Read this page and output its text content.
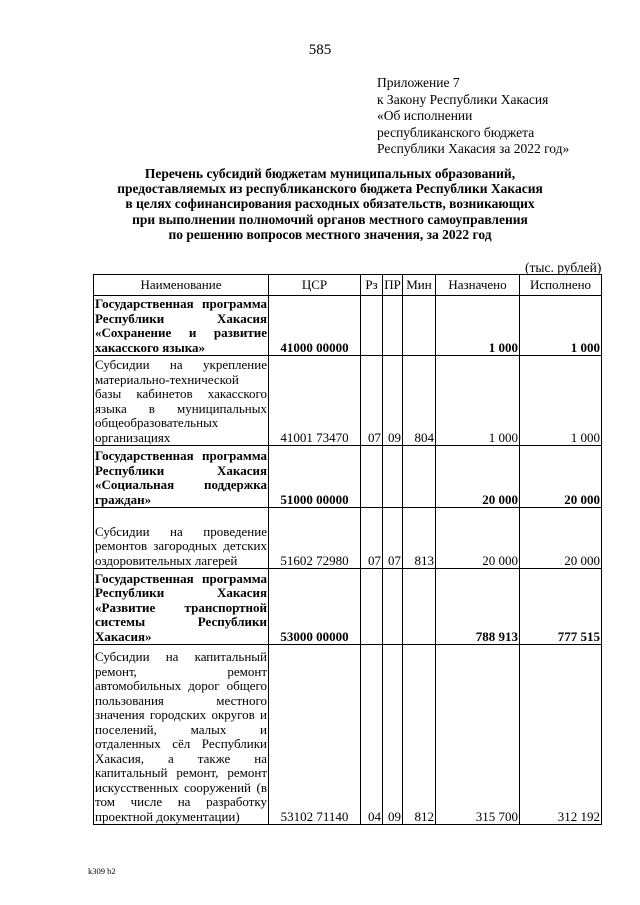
585
Приложение 7
к Закону Республики Хакасия
«Об исполнении
республиканского бюджета
Республики Хакасия за 2022 год»
Перечень субсидий бюджетам муниципальных образований,
предоставляемых из республиканского бюджета Республики Хакасия
в целях софинансирования расходных обязательств, возникающих
при выполнении полномочий органов местного самоуправления
по решению вопросов местного значения, за 2022 год
(тыс. рублей)
Наименование	ЦСР	Рз	ПР	Мин	Назначено	Исполнено
Государственная программа Республики Хакасия «Сохранение и развитие хакасского языка»	41000 00000				1 000	1 000
Субсидии на укрепление материально-технической базы кабинетов хакасского языка в муниципальных общеобразовательных организациях	41001 73470	07	09	804	1 000	1 000
Государственная программа Республики Хакасия «Социальная поддержка граждан»	51000 00000				20 000	20 000
Субсидии на проведение ремонтов загородных детских оздоровительных лагерей	51602 72980	07	07	813	20 000	20 000
Государственная программа Республики Хакасия «Развитие транспортной системы Республики Хакасия»	53000 00000				788 913	777 515
Субсидии на капитальный ремонт, ремонт автомобильных дорог общего пользования местного значения городских округов и поселений, малых и отдаленных сёл Республики Хакасия, а также на капитальный ремонт, ремонт искусственных сооружений (в том числе на разработку проектной документации)	53102 71140	04	09	812	315 700	312 192
k309 b2
